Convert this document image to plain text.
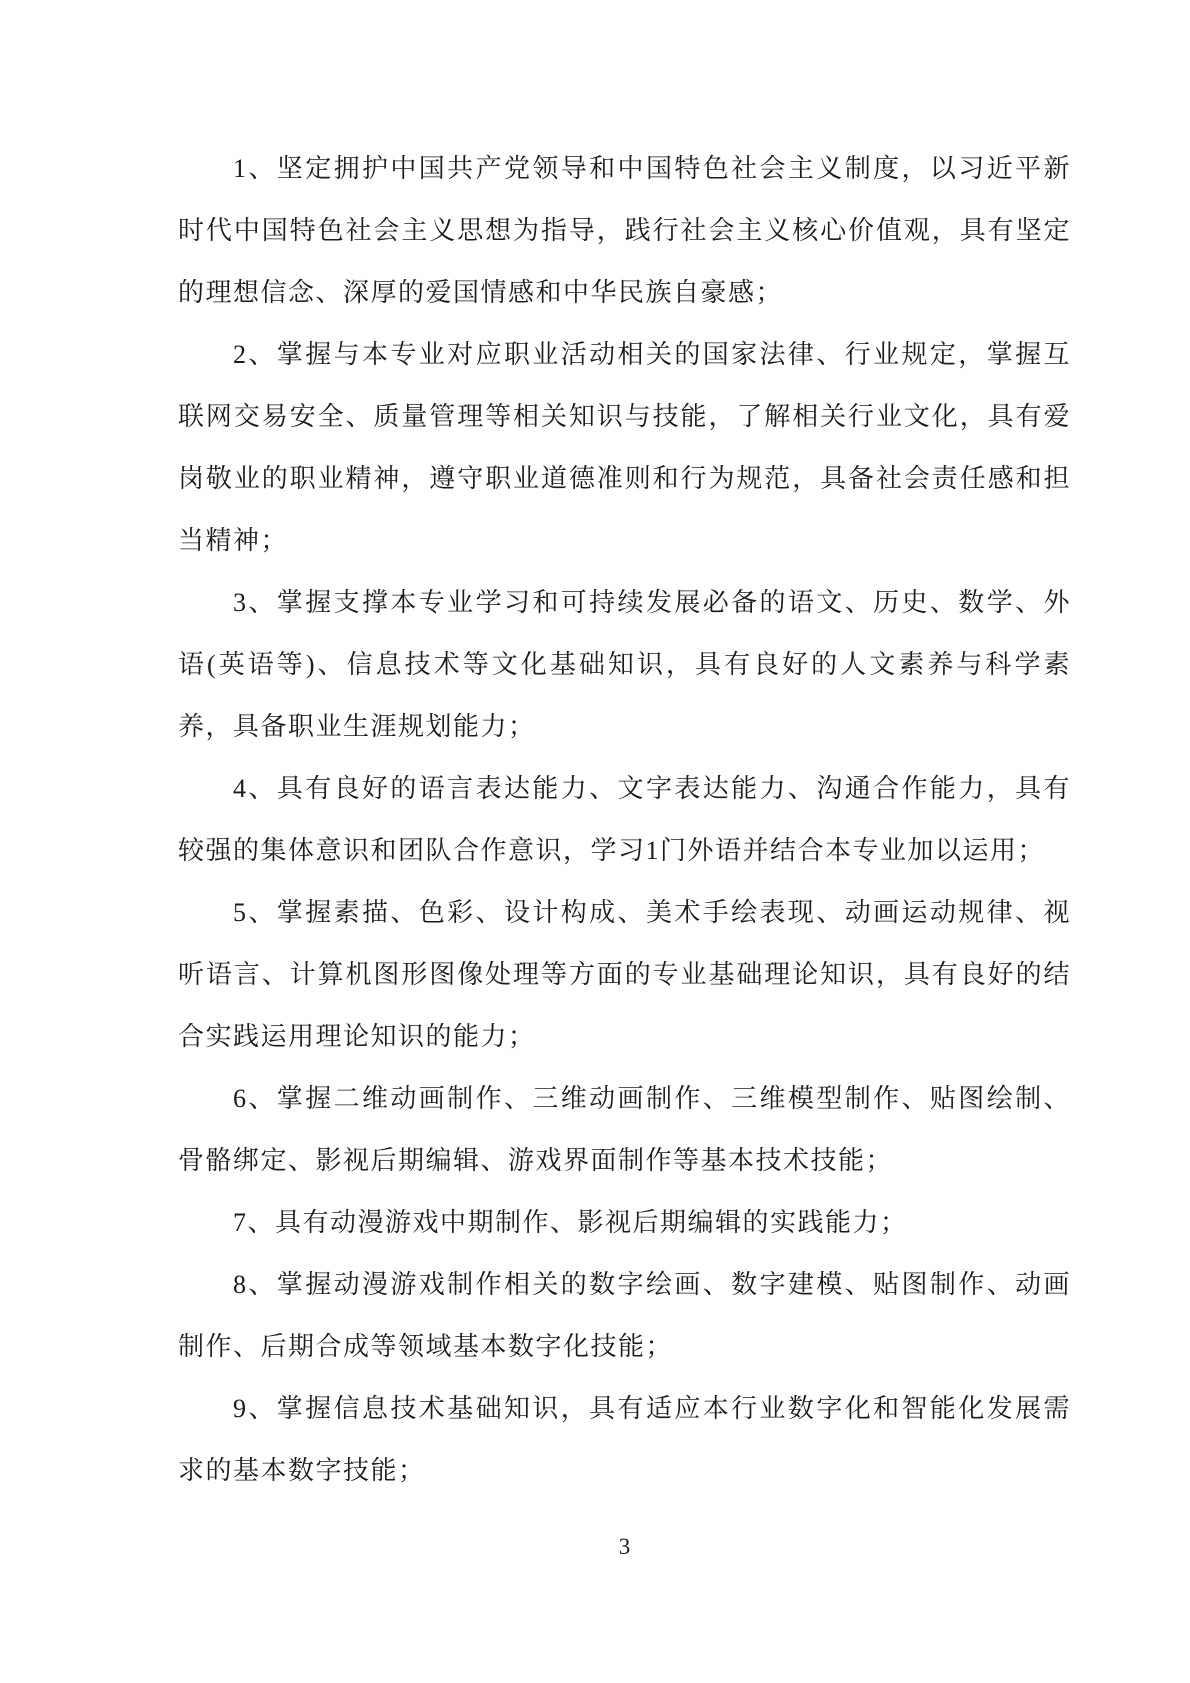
1、坚定拥护中国共产党领导和中国特色社会主义制度，以习近平新时代中国特色社会主义思想为指导，践行社会主义核心价值观，具有坚定的理想信念、深厚的爱国情感和中华民族自豪感；

2、掌握与本专业对应职业活动相关的国家法律、行业规定，掌握互联网交易安全、质量管理等相关知识与技能，了解相关行业文化，具有爱岗敬业的职业精神，遵守职业道德准则和行为规范，具备社会责任感和担当精神；

3、掌握支撑本专业学习和可持续发展必备的语文、历史、数学、外语(英语等)、信息技术等文化基础知识，具有良好的人文素养与科学素养，具备职业生涯规划能力；

4、具有良好的语言表达能力、文字表达能力、沟通合作能力，具有较强的集体意识和团队合作意识，学习1门外语并结合本专业加以运用；

5、掌握素描、色彩、设计构成、美术手绘表现、动画运动规律、视听语言、计算机图形图像处理等方面的专业基础理论知识，具有良好的结合实践运用理论知识的能力；

6、掌握二维动画制作、三维动画制作、三维模型制作、贴图绘制、骨骼绑定、影视后期编辑、游戏界面制作等基本技术技能；

7、具有动漫游戏中期制作、影视后期编辑的实践能力；

8、掌握动漫游戏制作相关的数字绘画、数字建模、贴图制作、动画制作、后期合成等领域基本数字化技能；

9、掌握信息技术基础知识，具有适应本行业数字化和智能化发展需求的基本数字技能；

3
